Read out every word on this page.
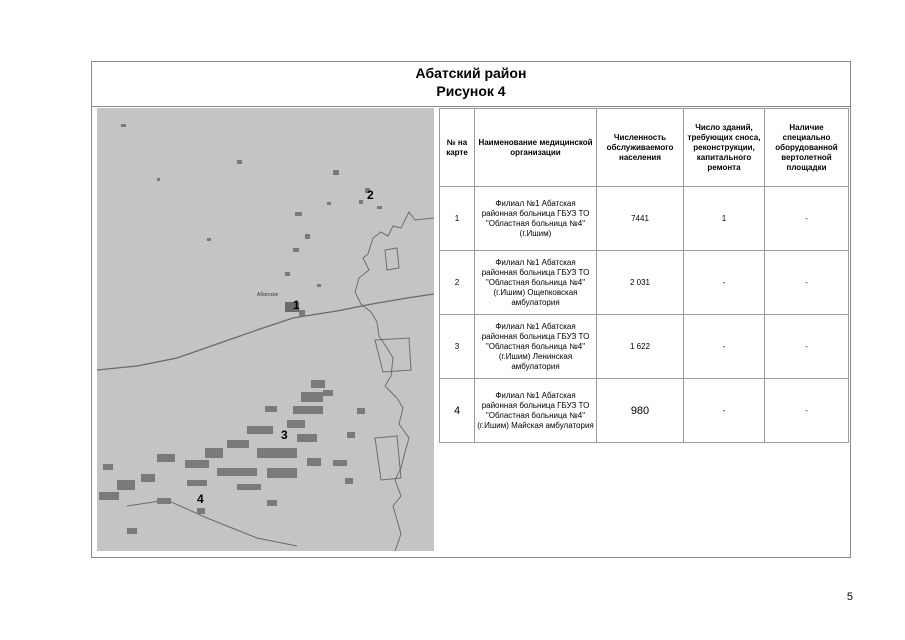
Абатский район
Рисунок 4
Абатское
1
2
3
4
№ на карте	Наименование медицинской организации	Численность обслуживаемого населения	Число зданий, требующих сноса, реконструкции, капитального ремонта	Наличие специально оборудованной вертолетной площадки
1	Филиал №1 Абатская районная больница ГБУЗ ТО "Областная больница №4" (г.Ишим)	7441	1	-
2	Филиал №1 Абатская районная больница ГБУЗ ТО "Областная больница №4" (г.Ишим) Ощепковская амбулатория	2 031	-	-
3	Филиал №1 Абатская районная больница ГБУЗ ТО "Областная больница №4" (г.Ишим) Ленинская амбулатория	1 622	-	-
4	Филиал №1 Абатская районная больница ГБУЗ ТО "Областная больница №4" (г.Ишим) Майская амбулатория	980	-	-
5
